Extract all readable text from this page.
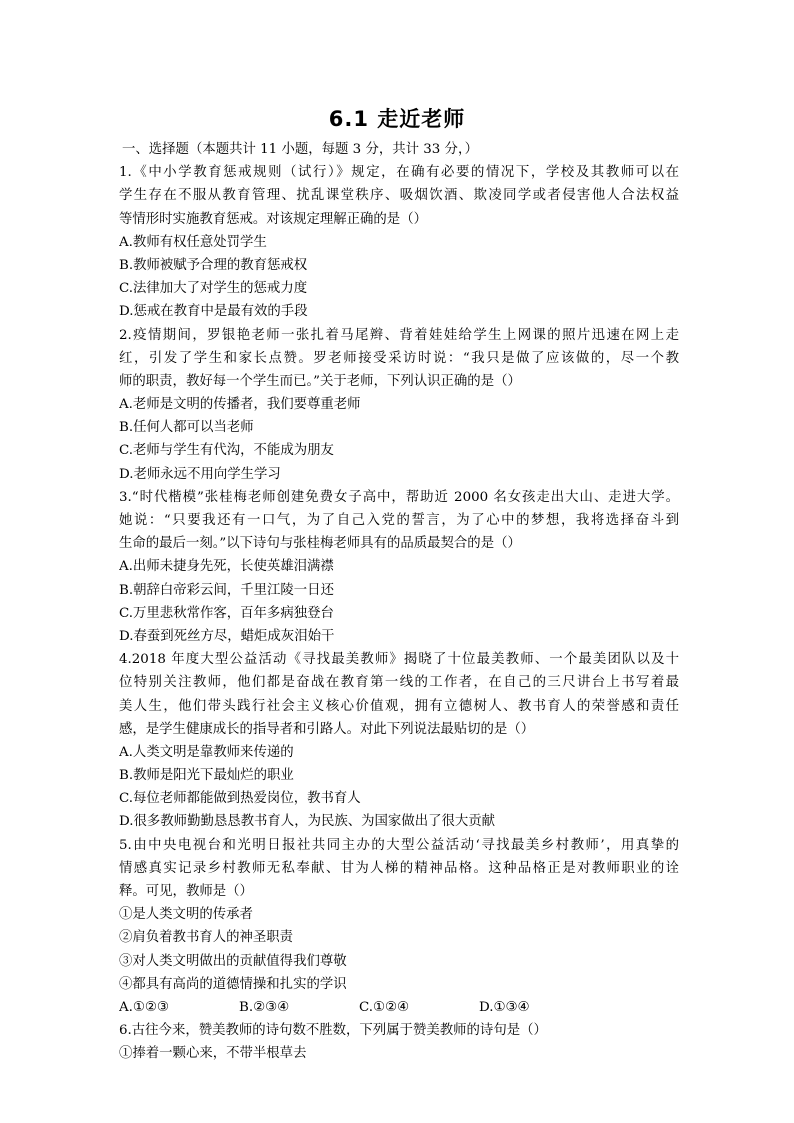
6.1 走近老师
一、选择题（本题共计 11 小题，每题 3 分，共计 33 分，）
1.《中小学教育惩戒规则（试行）》规定，在确有必要的情况下，学校及其教师可以在
学生存在不服从教育管理、扰乱课堂秩序、吸烟饮酒、欺凌同学或者侵害他人合法权益
等情形时实施教育惩戒。对该规定理解正确的是（）
A.教师有权任意处罚学生
B.教师被赋予合理的教育惩戒权
C.法律加大了对学生的惩戒力度
D.惩戒在教育中是最有效的手段
2.疫情期间，罗银艳老师一张扎着马尾辫、背着娃娃给学生上网课的照片迅速在网上走
红，引发了学生和家长点赞。罗老师接受采访时说：“我只是做了应该做的，尽一个教
师的职责，教好每一个学生而已。”关于老师，下列认识正确的是（）
A.老师是文明的传播者，我们要尊重老师
B.任何人都可以当老师
C.老师与学生有代沟，不能成为朋友
D.老师永远不用向学生学习
3.“时代楷模”张桂梅老师创建免费女子高中，帮助近 2000 名女孩走出大山、走进大学。
她说：“只要我还有一口气，为了自己入党的誓言，为了心中的梦想，我将选择奋斗到
生命的最后一刻。”以下诗句与张桂梅老师具有的品质最契合的是（）
A.出师未捷身先死，长使英雄泪满襟
B.朝辞白帝彩云间，千里江陵一日还
C.万里悲秋常作客，百年多病独登台
D.春蚕到死丝方尽，蜡炬成灰泪始干
4.2018 年度大型公益活动《寻找最美教师》揭晓了十位最美教师、一个最美团队以及十
位特别关注教师，他们都是奋战在教育第一线的工作者，在自己的三尺讲台上书写着最
美人生，他们带头践行社会主义核心价值观，拥有立德树人、教书育人的荣誉感和责任
感，是学生健康成长的指导者和引路人。对此下列说法最贴切的是（）
A.人类文明是靠教师来传递的
B.教师是阳光下最灿烂的职业
C.每位老师都能做到热爱岗位，教书育人
D.很多教师勤勤恳恳教书育人，为民族、为国家做出了很大贡献
5.由中央电视台和光明日报社共同主办的大型公益活动‘寻找最美乡村教师’，用真挚的
情感真实记录乡村教师无私奉献、甘为人梯的精神品格。这种品格正是对教师职业的诠
释。可见，教师是（）
①是人类文明的传承者
②肩负着教书育人的神圣职责
③对人类文明做出的贡献值得我们尊敬
④都具有高尚的道德情操和扎实的学识
A.①②③	B.②③④	C.①②④	D.①③④
6.古往今来，赞美教师的诗句数不胜数，下列属于赞美教师的诗句是（）
①捧着一颗心来，不带半根草去
